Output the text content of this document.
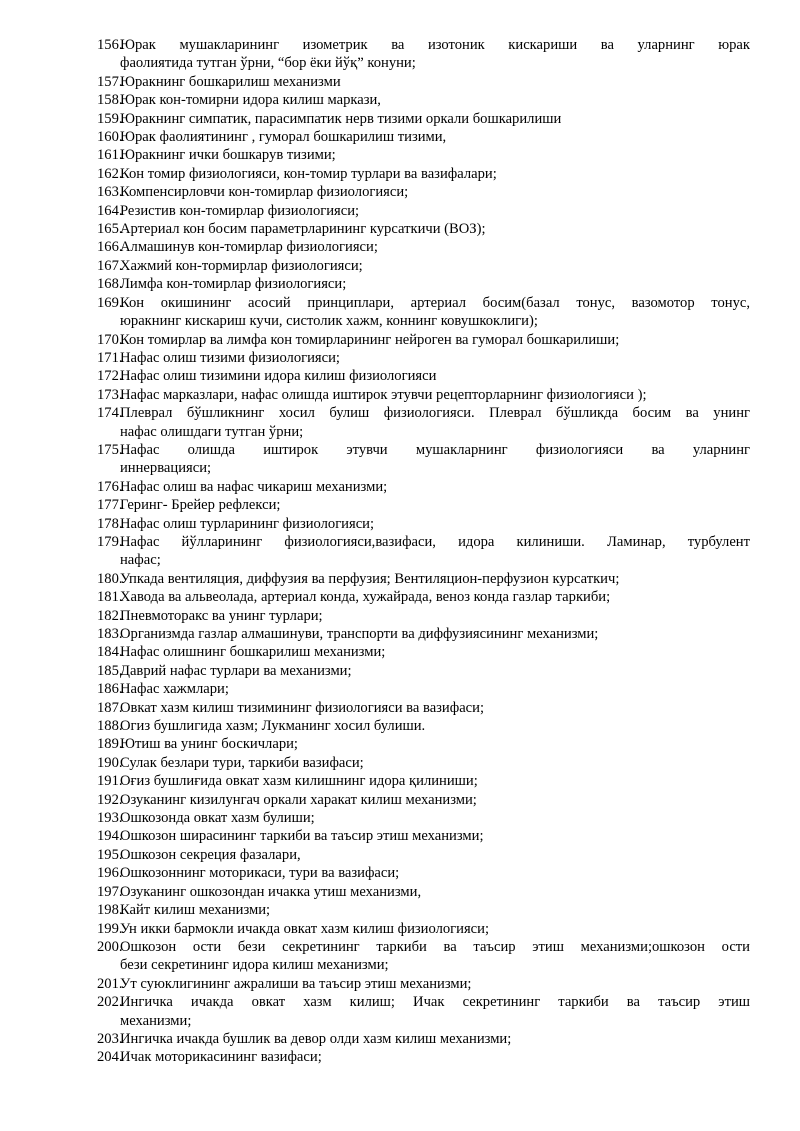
156.
Юрак мушакларининг изометрик ва изотоник кискариши ва уларнинг юрак
фаолиятида тутган ўрни, “бор ёки йўқ” конуни;
157.
Юракнинг бошкарилиш механизми
158.
Юрак кон-томирни идора килиш маркази,
159.
Юракнинг симпатик, парасимпатик нерв тизими оркали бошкарилиши
160.
Юрак фаолиятининг , гуморал бошкарилиш тизими,
161.
Юракнинг ички бошкарув тизими;
162.
Кон томир физиологияси, кон-томир турлари ва вазифалари;
163.
Компенсирловчи кон-томирлар физиологияси;
164.
Резистив кон-томирлар физиологияси;
165.
Артериал кон босим параметрларининг курсаткичи (ВОЗ);
166.
Алмашинув кон-томирлар физиологияси;
167.
Хажмий кон-тормирлар физиологияси;
168.
Лимфа кон-томирлар физиологияси;
169.
Кон окишининг асосий принциплари, артериал босим(базал тонус, вазомотор тонус,
юракнинг кискариш кучи, систолик хажм, коннинг ковушкоклиги);
170.
Кон томирлар ва лимфа кон томирларининг нейроген ва гуморал бошкарилиши;
171.
Нафас олиш тизими физиологияси;
172.
Нафас олиш тизимини идора килиш физиологияси
173.
Нафас марказлари, нафас олишда иштирок этувчи рецепторларнинг физиологияси );
174.
Плеврал бўшликнинг хосил булиш физиологияси. Плеврал бўшликда босим ва унинг
нафас олишдаги тутган ўрни;
175.
Нафас олишда иштирок этувчи мушакларнинг физиологияси ва уларнинг
иннервацияси;
176.
Нафас олиш ва нафас чикариш механизми;
177.
Геринг- Брейер рефлекси;
178.
Нафас олиш турларининг физиологияси;
179.
Нафас йўлларининг физиологияси,вазифаси, идора килиниши. Ламинар, турбулент
нафас;
180.
Упкада вентиляция, диффузия ва перфузия; Вентиляцион-перфузион курсаткич;
181.
Хавода ва альвеолада, артериал конда, хужайрада, веноз конда газлар таркиби;
182.
Пневмоторакс ва унинг турлари;
183.
Организмда газлар алмашинуви, транспорти ва диффузиясининг механизми;
184.
Нафас олишнинг бошкарилиш механизми;
185.
Даврий нафас турлари ва механизми;
186.
Нафас хажмлари;
187.
Овкат хазм килиш тизимининг физиологияси ва вазифаси;
188.
Огиз бушлигида хазм; Лукманинг хосил булиши.
189.
Ютиш ва унинг боскичлари;
190.
Сулак безлари тури, таркиби вазифаси;
191.
Оғиз бушлиғида овкат хазм килишнинг идора қилиниши;
192.
Озуканинг кизилунгач оркали харакат килиш механизми;
193.
Ошкозонда овкат хазм булиши;
194.
Ошкозон ширасининг таркиби ва таъсир этиш механизми;
195.
Ошкозон секреция фазалари,
196.
Ошкозоннинг моторикаси, тури ва вазифаси;
197.
Озуканинг ошкозондан ичакка утиш механизми,
198.
Кайт килиш механизми;
199.
Ун икки бармокли ичакда овкат хазм килиш физиологияси;
200.
Ошкозон ости бези секретининг таркиби ва таъсир этиш механизми;ошкозон ости
бези секретининг идора килиш механизми;
201.
Ут суюклигининг ажралиши ва таъсир этиш механизми;
202.
Ингичка ичакда овкат хазм килиш; Ичак секретининг таркиби ва таъсир этиш
механизми;
203.
Ингичка ичакда бушлик ва девор олди хазм килиш механизми;
204.
Ичак моторикасининг вазифаси;
